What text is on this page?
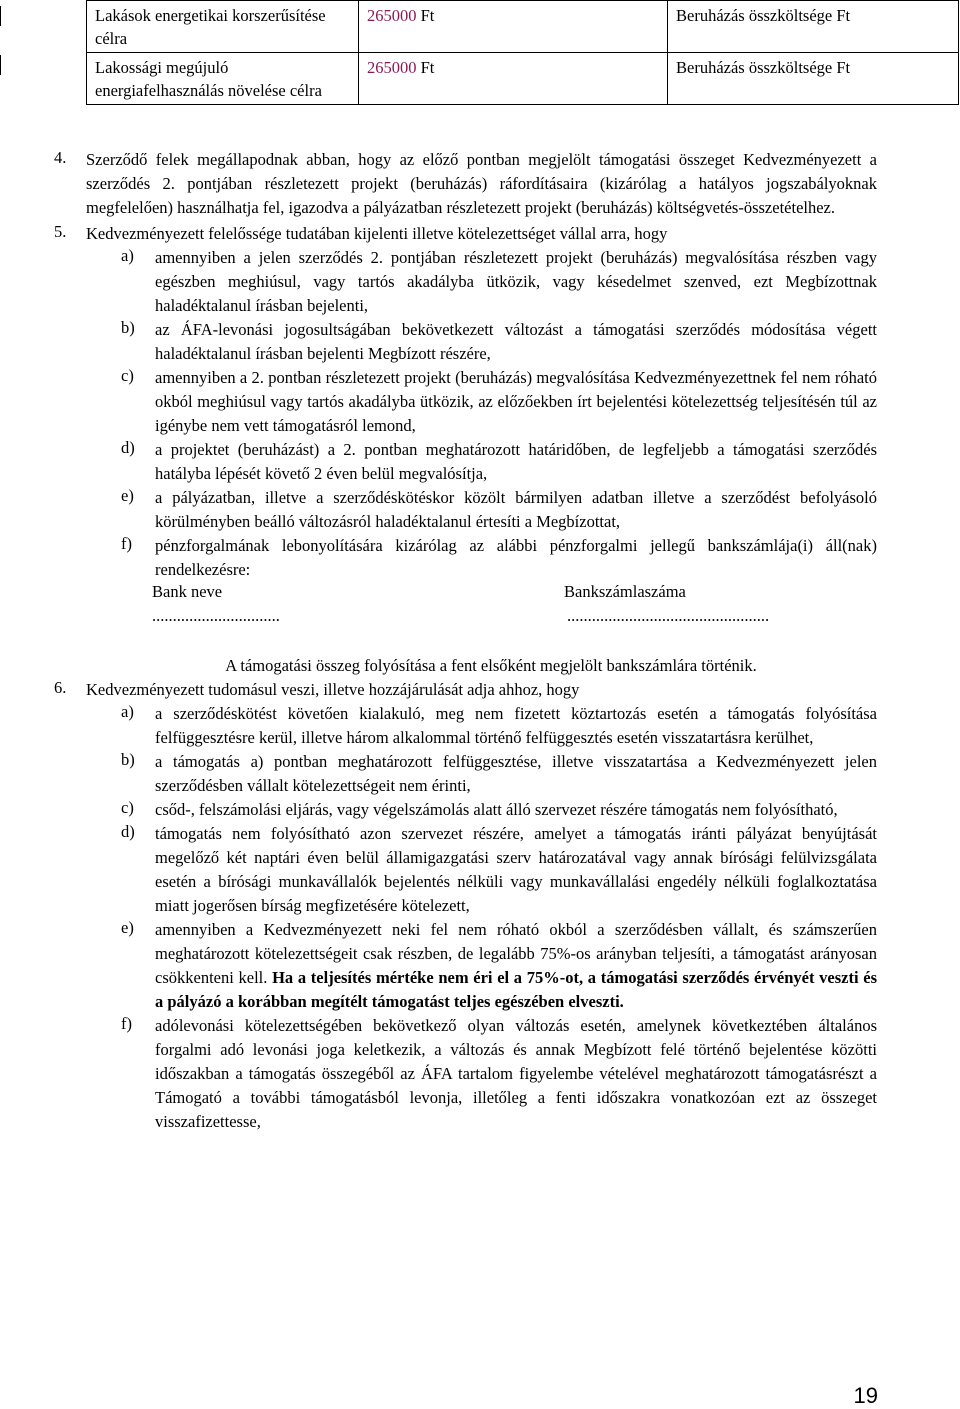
Lakások energetikai korszerűsítése célra	265000 Ft	Beruházás összköltsége Ft
Lakossági megújuló energiafelhasználás növelése célra	265000 Ft	Beruházás összköltsége Ft
4. Szerződő felek megállapodnak abban, hogy az előző pontban megjelölt támogatási összeget Kedvezményezett a szerződés 2. pontjában részletezett projekt (beruházás) ráfordításaira (kizárólag a hatályos jogszabályoknak megfelelően) használhatja fel, igazodva a pályázatban részletezett projekt (beruházás) költségvetés-összetételhez.

5. Kedvezményezett felelőssége tudatában kijelenti illetve kötelezettséget vállal arra, hogy

a) amennyiben a jelen szerződés 2. pontjában részletezett projekt (beruházás) megvalósítása részben vagy egészben meghiúsul, vagy tartós akadályba ütközik, vagy késedelmet szenved, ezt Megbízottnak haladéktalanul írásban bejelenti,

b) az ÁFA-levonási jogosultságában bekövetkezett változást a támogatási szerződés módosítása végett haladéktalanul írásban bejelenti Megbízott részére,

c) amennyiben a 2. pontban részletezett projekt (beruházás) megvalósítása Kedvezményezettnek fel nem róható okból meghiúsul vagy tartós akadályba ütközik, az előzőekben írt bejelentési kötelezettség teljesítésén túl az igénybe nem vett támogatásról lemond,

d) a projektet (beruházást) a 2. pontban meghatározott határidőben, de legfeljebb a támogatási szerződés hatályba lépését követő 2 éven belül megvalósítja,

e) a pályázatban, illetve a szerződéskötéskor közölt bármilyen adatban illetve a szerződést befolyásoló körülményben beálló változásról haladéktalanul értesíti a Megbízottat,

f) pénzforgalmának lebonyolítására kizárólag az alábbi pénzforgalmi jellegű bankszámlája(i) áll(nak) rendelkezésre:

Bank neve	Bankszámlaszáma
...............................	.................................................

A támogatási összeg folyósítása a fent elsőként megjelölt bankszámlára történik.

6. Kedvezményezett tudomásul veszi, illetve hozzájárulását adja ahhoz, hogy

a) a szerződéskötést követően kialakuló, meg nem fizetett köztartozás esetén a támogatás folyósítása felfüggesztésre kerül, illetve három alkalommal történő felfüggesztés esetén visszatartásra kerülhet,

b) a támogatás a) pontban meghatározott felfüggesztése, illetve visszatartása a Kedvezményezett jelen szerződésben vállalt kötelezettségeit nem érinti,

c) csőd-, felszámolási eljárás, vagy végelszámolás alatt álló szervezet részére támogatás nem folyósítható,

d) támogatás nem folyósítható azon szervezet részére, amelyet a támogatás iránti pályázat benyújtását megelőző két naptári éven belül államigazgatási szerv határozatával vagy annak bírósági felülvizsgálata esetén a bírósági munkavállalók bejelentés nélküli vagy munkavállalási engedély nélküli foglalkoztatása miatt jogerősen bírság megfizetésére kötelezett,

e) amennyiben a Kedvezményezett neki fel nem róható okból a szerződésben vállalt, és számszerűen meghatározott kötelezettségeit csak részben, de legalább 75%-os arányban teljesíti, a támogatást arányosan csökkenteni kell. Ha a teljesítés mértéke nem éri el a 75%-ot, a támogatási szerződés érvényét veszti és a pályázó a korábban megítélt támogatást teljes egészében elveszti.

f) adólevonási kötelezettségében bekövetkező olyan változás esetén, amelynek következtében általános forgalmi adó levonási joga keletkezik, a változás és annak Megbízott felé történő bejelentése közötti időszakban a támogatás összegéből az ÁFA tartalom figyelembe vételével meghatározott támogatásrészt a Támogató a további támogatásból levonja, illetőleg a fenti időszakra vonatkozóan ezt az összeget visszafizettesse,

19
